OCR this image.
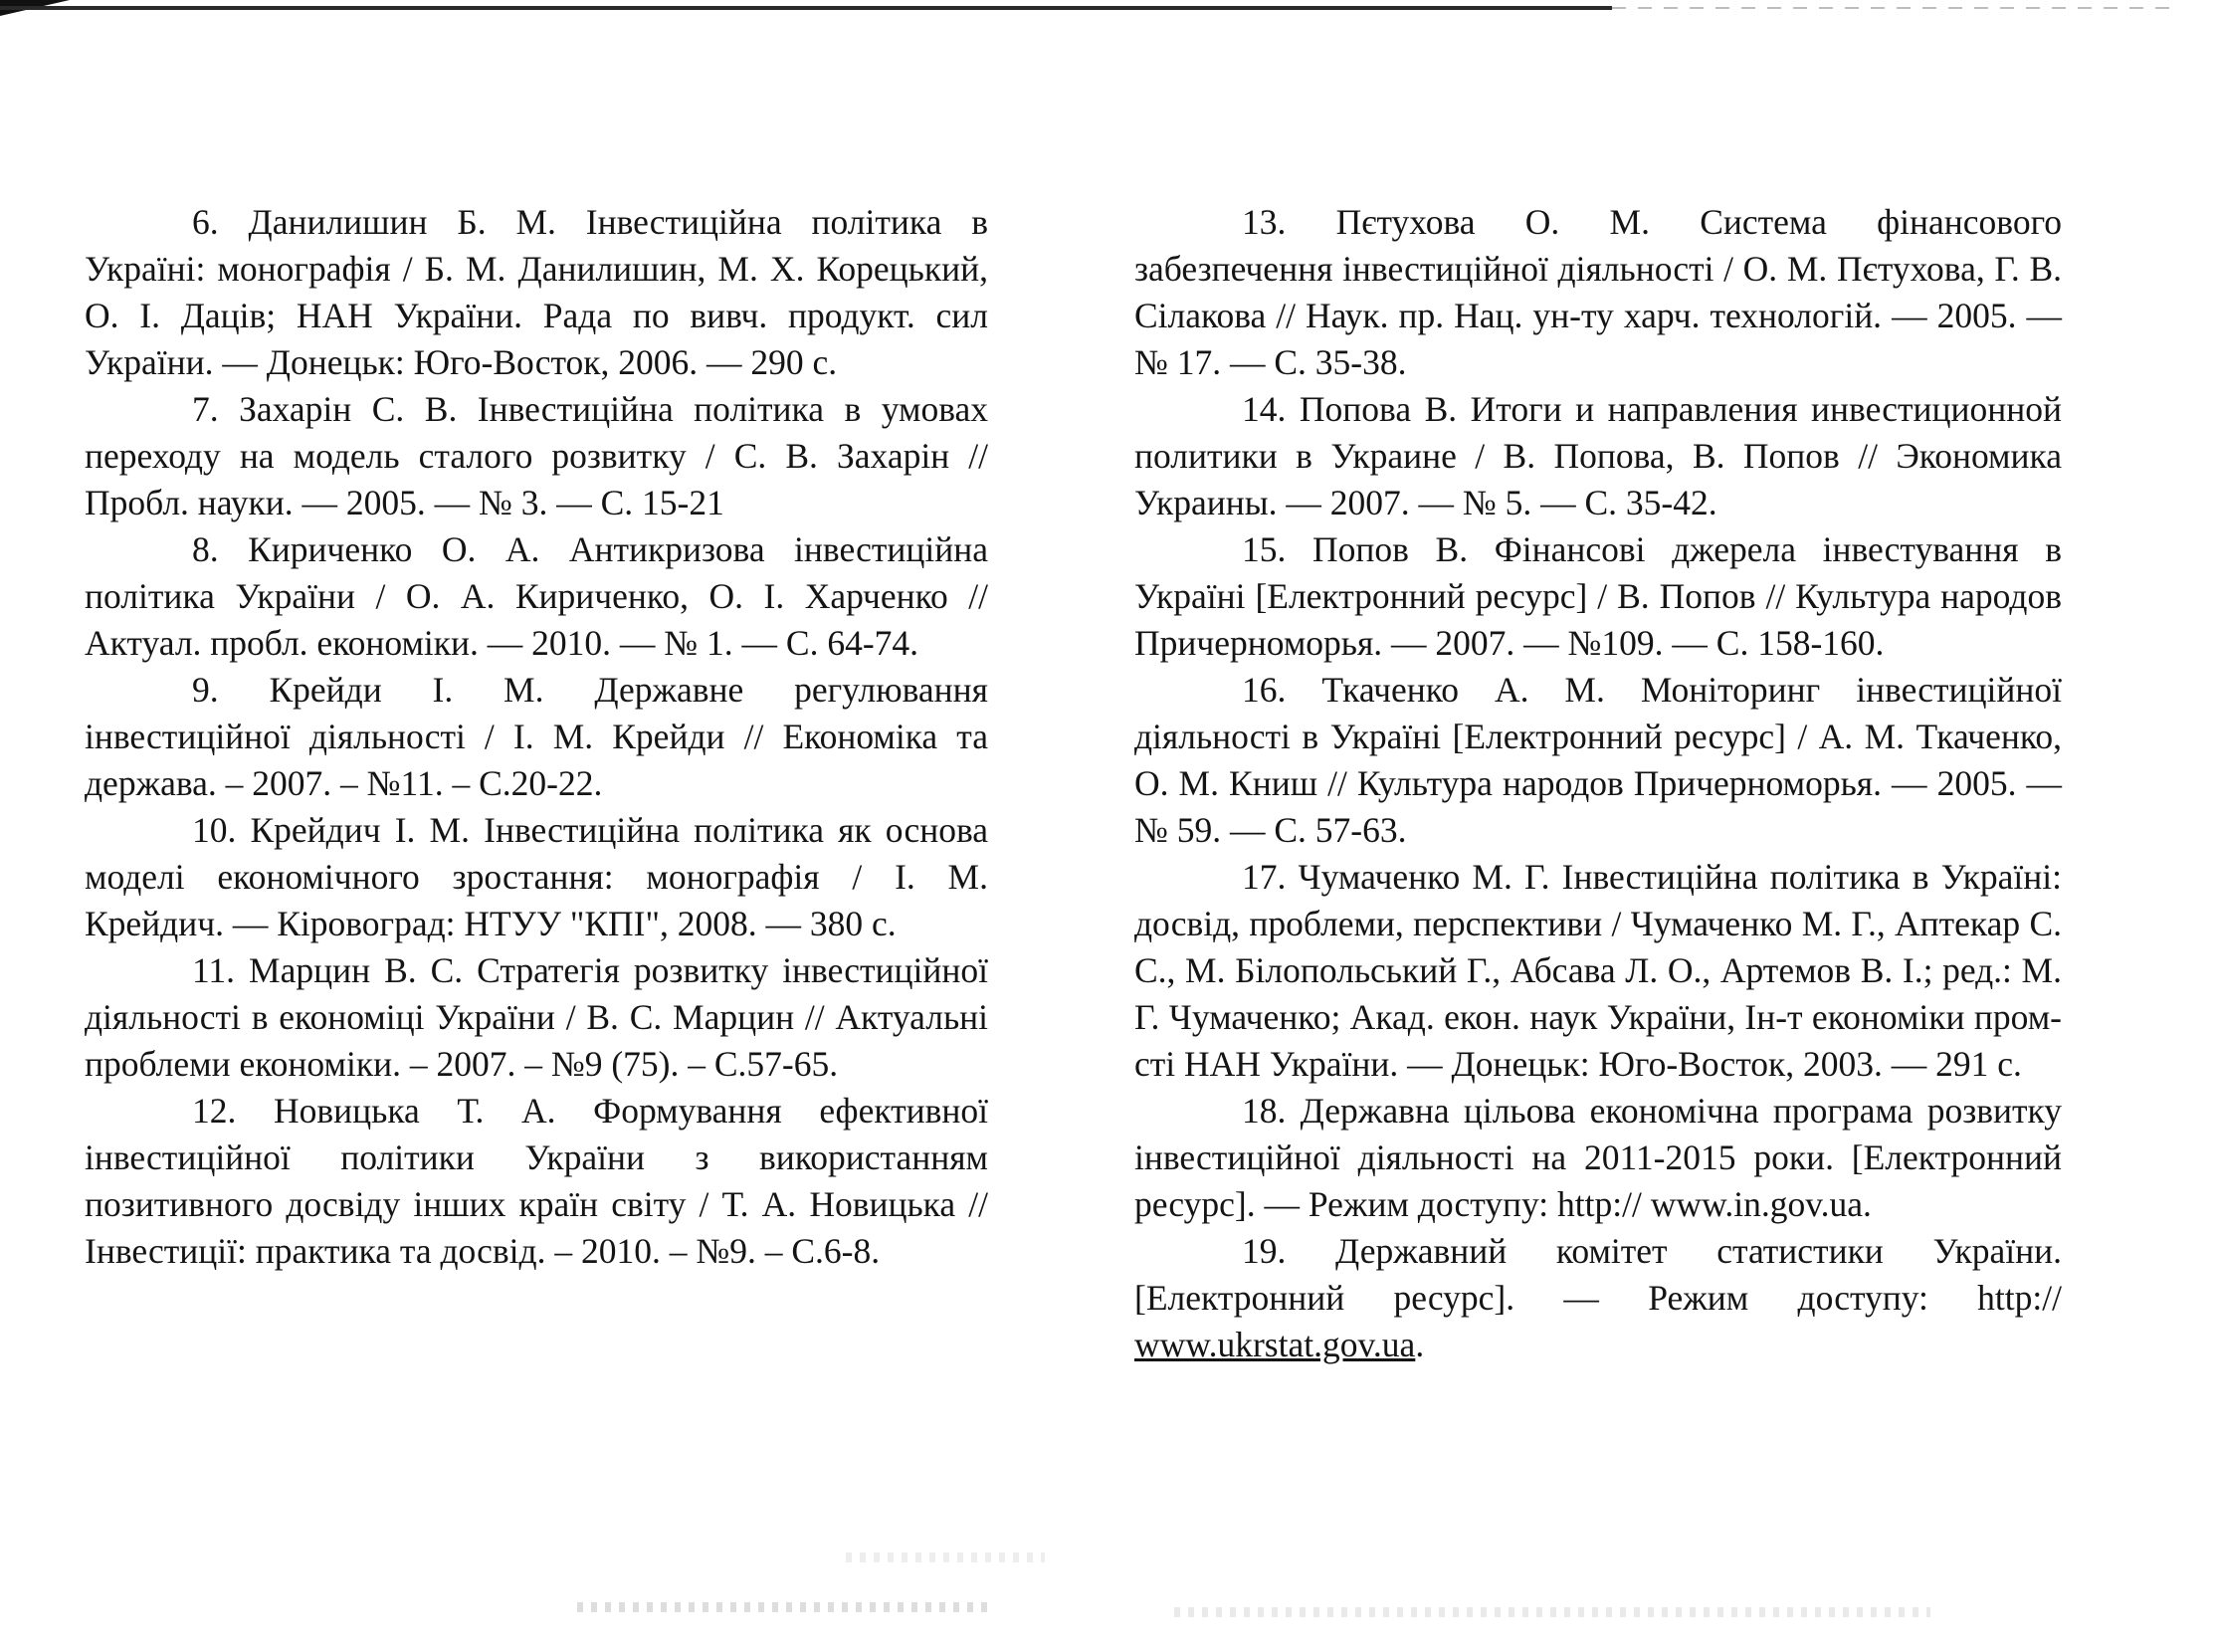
6. Данилишин Б. М. Інвестиційна політика в Україні: монографія / Б. М. Данилишин, М. Х. Корецький, О. І. Даців; НАН України. Рада по вивч. продукт. сил України. — Донецьк: Юго-Восток, 2006. — 290 с.

7. Захарін С. В. Інвестиційна політика в умовах переходу на модель сталого розвитку / С. В. Захарін // Пробл. науки. — 2005. — № 3. — С. 15-21

8. Кириченко О. А. Антикризова інвестиційна політика України / О. А. Кириченко, О. І. Харченко // Актуал. пробл. економіки. — 2010. — № 1. — С. 64-74.

9. Крейди І. М. Державне регулювання інвестиційної діяльності / І. М. Крейди // Економіка та держава. – 2007. – №11. – С.20-22.

10. Крейдич І. М. Інвестиційна політика як основа моделі економічного зростання: монографія / І. М. Крейдич. — Кіровоград: НТУУ "КПІ", 2008. — 380 с.

11. Марцин В. С. Стратегія розвитку інвестиційної діяльності в економіці України / В. С. Марцин // Актуальні проблеми економіки. – 2007. – №9 (75). – С.57-65.

12. Новицька Т. А. Формування ефективної інвестиційної політики України з використанням позитивного досвіду інших країн світу / Т. А. Новицька // Інвестиції: практика та досвід. – 2010. – №9. – С.6-8.

13. Пєтухова О. М. Система фінансового забезпечення інвестиційної діяльності / О. М. Пєтухова, Г. В. Сілакова // Наук. пр. Нац. ун-ту харч. технологій. — 2005. — № 17. — С. 35-38.

14. Попова В. Итоги и направления инвестиционной политики в Украине / В. Попова, В. Попов // Экономика Украины. — 2007. — № 5. — С. 35-42.

15. Попов В. Фінансові джерела інвестування в Україні [Електронний ресурс] / В. Попов // Культура народов Причерноморья. — 2007. — №109. — С. 158-160.

16. Ткаченко А. М. Моніторинг інвестиційної діяльності в Україні [Електронний ресурс] / А. М. Ткаченко, О. М. Книш // Культура народов Причерноморья. — 2005. — № 59. — С. 57-63.

17. Чумаченко М. Г. Інвестиційна політика в Україні: досвід, проблеми, перспективи / Чумаченко М. Г., Аптекар С. С., М. Білопольський Г., Абсава Л. О., Артемов В. І.; ред.: М. Г. Чумаченко; Акад. екон. наук України, Ін-т економіки пром-сті НАН України. — Донецьк: Юго-Восток, 2003. — 291 с.

18. Державна цільова економічна програма розвитку інвестиційної діяльності на 2011-2015 роки. [Електронний ресурс]. — Режим доступу: http:// www.in.gov.ua.

19. Державний комітет статистики України. [Електронний ресурс]. — Режим доступу: http:// www.ukrstat.gov.ua.
